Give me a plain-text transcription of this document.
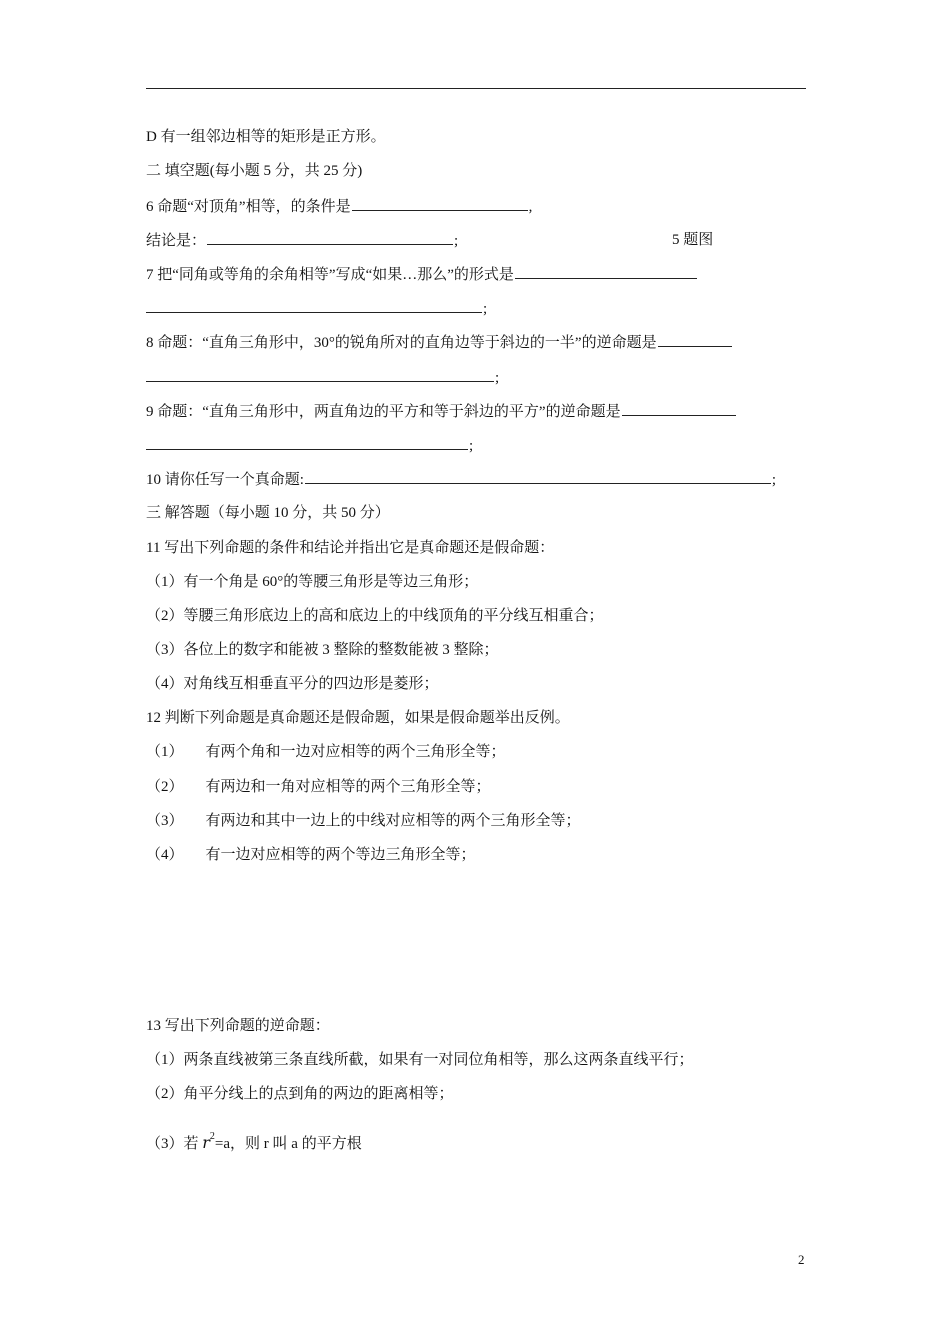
D 有一组邻边相等的矩形是正方形。
二 填空题(每小题 5 分，共 25 分)
6 命题“对顶角”相等，的条件是	,
结论是：	;	5 题图
7 把“同角或等角的余角相等”写成“如果…那么”的形式是
;
8 命题：“直角三角形中，30°的锐角所对的直角边等于斜边的一半”的逆命题是
;
9 命题：“直角三角形中，两直角边的平方和等于斜边的平方”的逆命题是
;
10 请你任写一个真命题:	;
三 解答题（每小题 10 分，共 50 分）
11 写出下列命题的条件和结论并指出它是真命题还是假命题：
（1）有一个角是 60°的等腰三角形是等边三角形；
（2）等腰三角形底边上的高和底边上的中线顶角的平分线互相重合；
（3）各位上的数字和能被 3 整除的整数能被 3 整除；
（4）对角线互相垂直平分的四边形是菱形；
12 判断下列命题是真命题还是假命题，如果是假命题举出反例。
（1） 有两个角和一边对应相等的两个三角形全等；
（2） 有两边和一角对应相等的两个三角形全等；
（3） 有两边和其中一边上的中线对应相等的两个三角形全等；
（4） 有一边对应相等的两个等边三角形全等；
13 写出下列命题的逆命题：
（1）两条直线被第三条直线所截，如果有一对同位角相等，那么这两条直线平行；
（2）角平分线上的点到角的两边的距离相等；
（3）若 $r^2=a$，则 r 叫 a 的平方根
2
